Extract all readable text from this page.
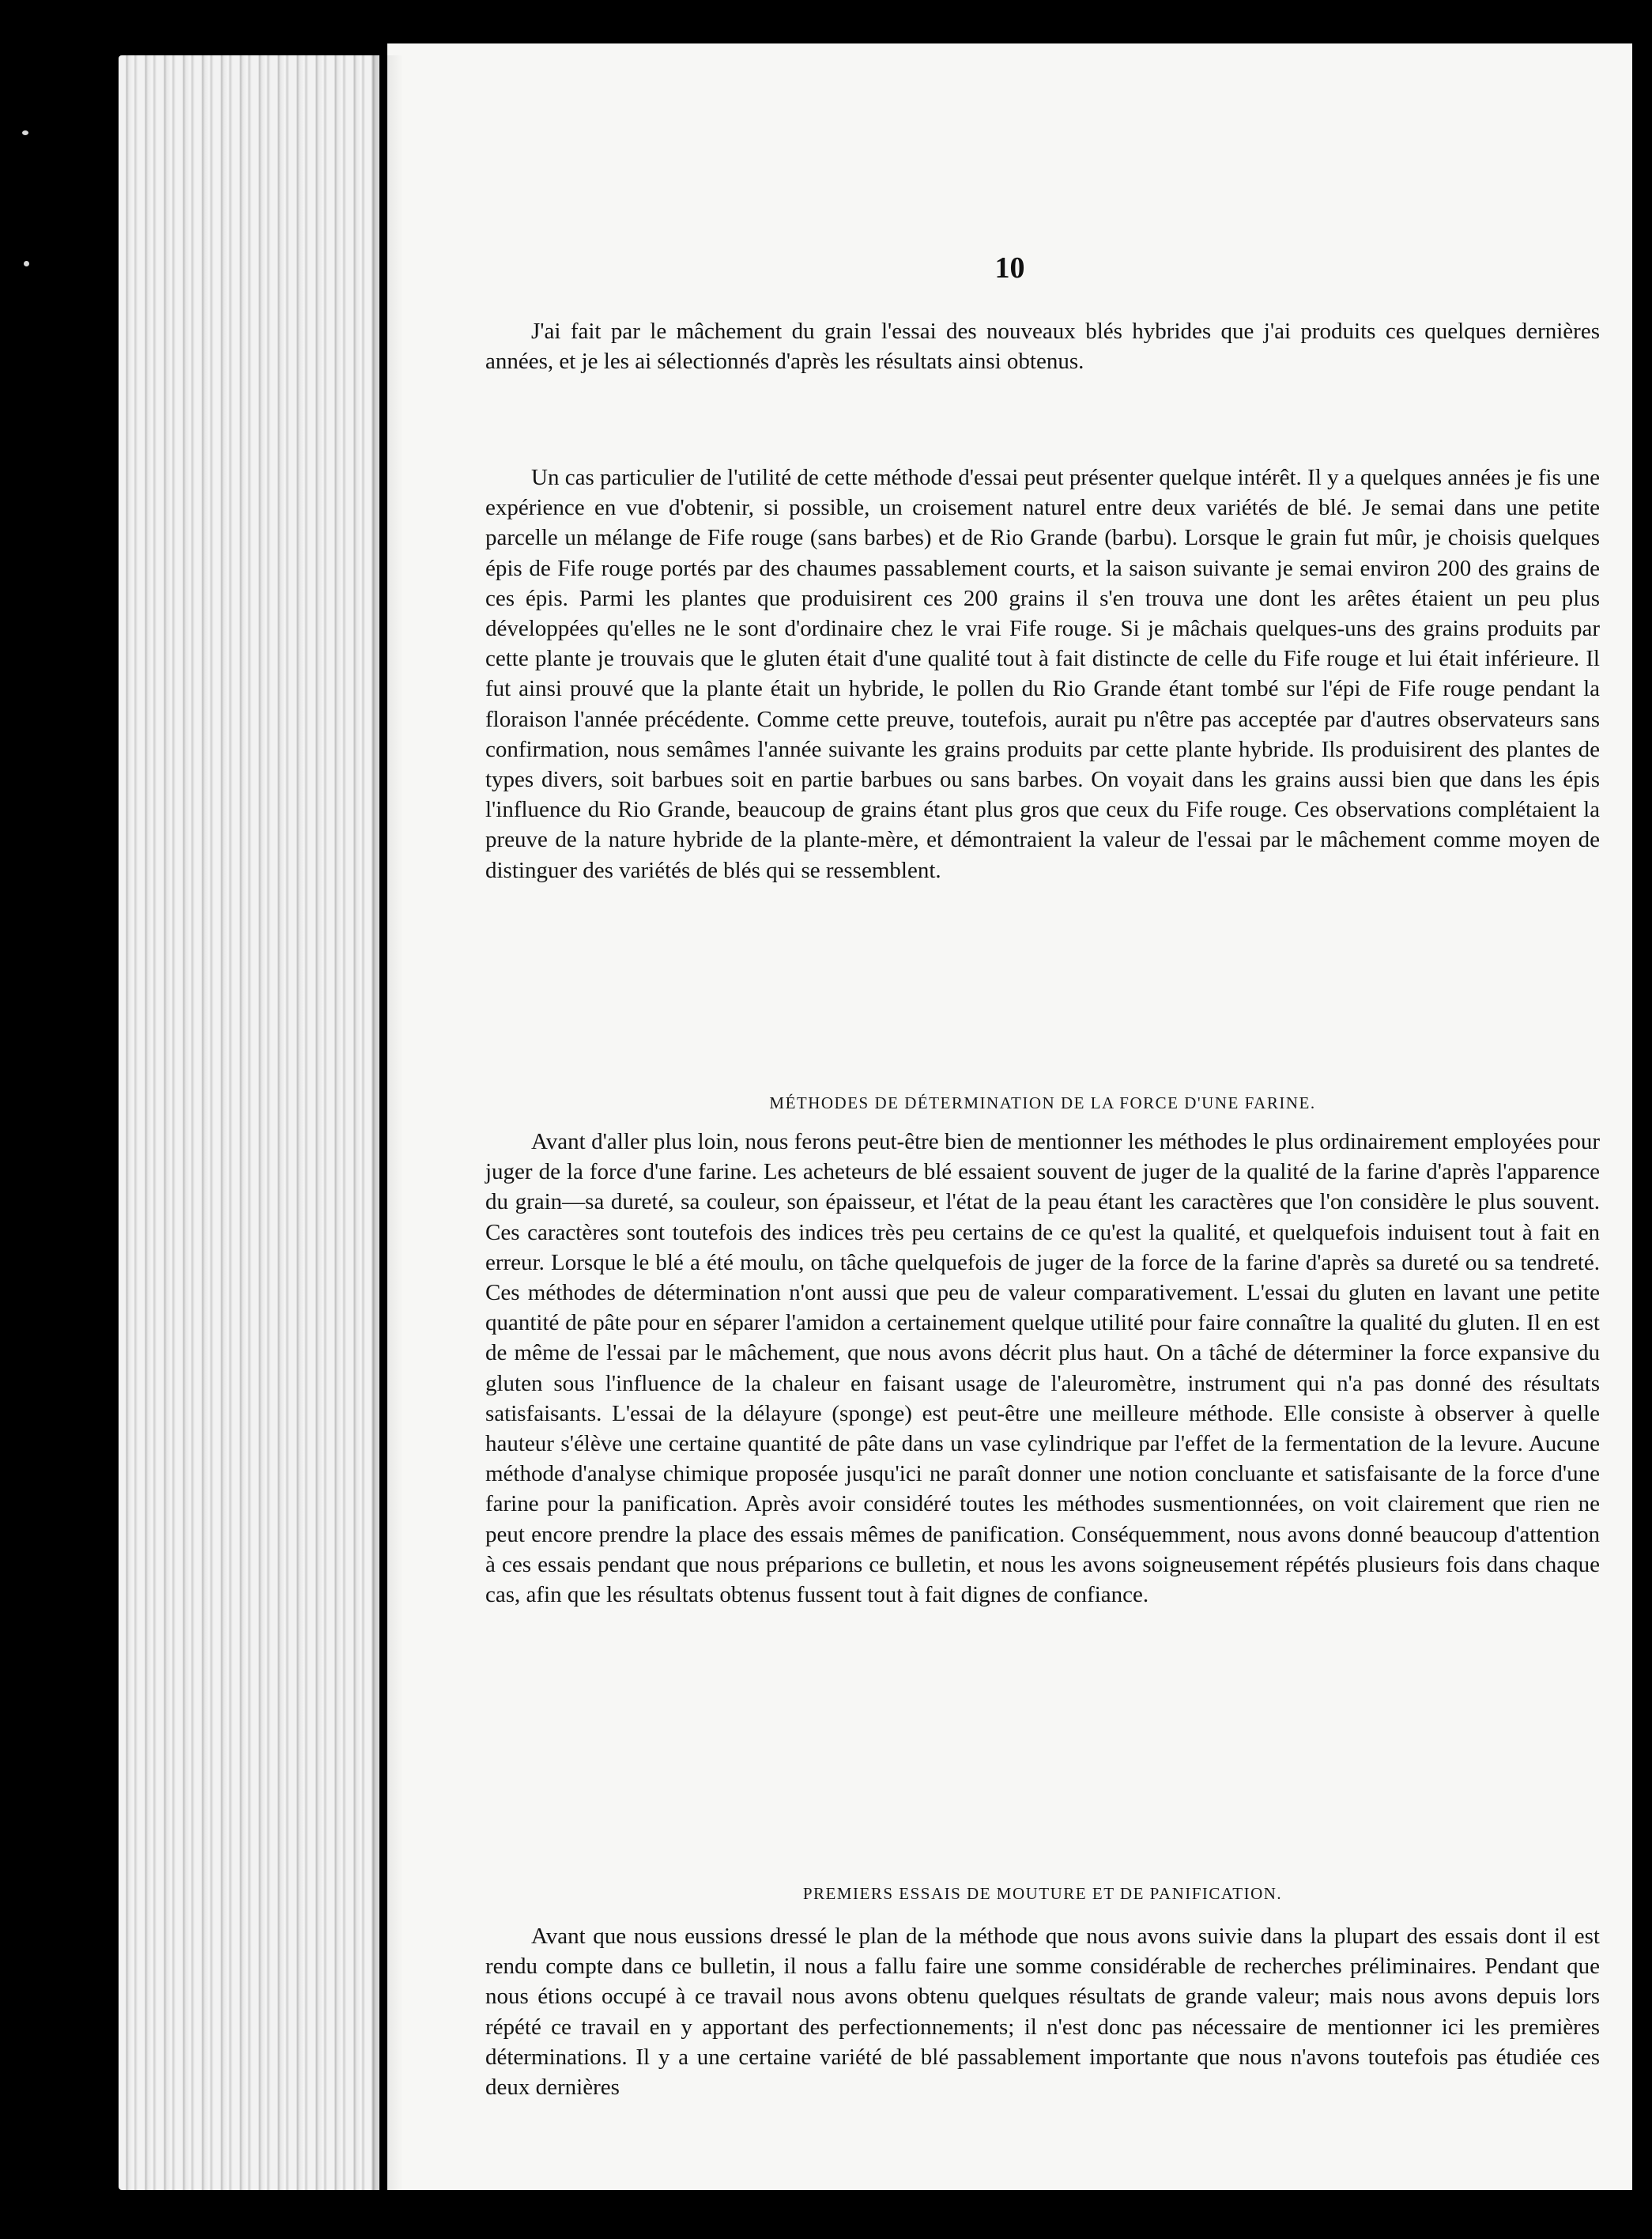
10

J'ai fait par le mâchement du grain l'essai des nouveaux blés hybrides que j'ai produits ces quelques dernières années, et je les ai sélectionnés d'après les résultats ainsi obtenus.

Un cas particulier de l'utilité de cette méthode d'essai peut présenter quelque intérêt. Il y a quelques années je fis une expérience en vue d'obtenir, si possible, un croisement naturel entre deux variétés de blé. Je semai dans une petite parcelle un mélange de Fife rouge (sans barbes) et de Rio Grande (barbu). Lorsque le grain fut mûr, je choisis quelques épis de Fife rouge portés par des chaumes passablement courts, et la saison suivante je semai environ 200 des grains de ces épis. Parmi les plantes que produisirent ces 200 grains il s'en trouva une dont les arêtes étaient un peu plus développées qu'elles ne le sont d'ordinaire chez le vrai Fife rouge. Si je mâchais quelques-uns des grains produits par cette plante je trouvais que le gluten était d'une qualité tout à fait distincte de celle du Fife rouge et lui était inférieure. Il fut ainsi prouvé que la plante était un hybride, le pollen du Rio Grande étant tombé sur l'épi de Fife rouge pendant la floraison l'année précédente. Comme cette preuve, toutefois, aurait pu n'être pas acceptée par d'autres observateurs sans confirmation, nous semâmes l'année suivante les grains produits par cette plante hybride. Ils produisirent des plantes de types divers, soit barbues soit en partie barbues ou sans barbes. On voyait dans les grains aussi bien que dans les épis l'influence du Rio Grande, beaucoup de grains étant plus gros que ceux du Fife rouge. Ces observations complétaient la preuve de la nature hybride de la plante-mère, et démontraient la valeur de l'essai par le mâchement comme moyen de distinguer des variétés de blés qui se ressemblent.

MÉTHODES DE DÉTERMINATION DE LA FORCE D'UNE FARINE.

Avant d'aller plus loin, nous ferons peut-être bien de mentionner les méthodes le plus ordinairement employées pour juger de la force d'une farine. Les acheteurs de blé essaient souvent de juger de la qualité de la farine d'après l'apparence du grain—sa dureté, sa couleur, son épaisseur, et l'état de la peau étant les caractères que l'on considère le plus souvent. Ces caractères sont toutefois des indices très peu certains de ce qu'est la qualité, et quelquefois induisent tout à fait en erreur. Lorsque le blé a été moulu, on tâche quelquefois de juger de la force de la farine d'après sa dureté ou sa tendreté. Ces méthodes de détermination n'ont aussi que peu de valeur comparativement. L'essai du gluten en lavant une petite quantité de pâte pour en séparer l'amidon a certainement quelque utilité pour faire connaître la qualité du gluten. Il en est de même de l'essai par le mâchement, que nous avons décrit plus haut. On a tâché de déterminer la force expansive du gluten sous l'influence de la chaleur en faisant usage de l'aleuromètre, instrument qui n'a pas donné des résultats satisfaisants. L'essai de la délayure (sponge) est peut-être une meilleure méthode. Elle consiste à observer à quelle hauteur s'élève une certaine quantité de pâte dans un vase cylindrique par l'effet de la fermentation de la levure. Aucune méthode d'analyse chimique proposée jusqu'ici ne paraît donner une notion concluante et satisfaisante de la force d'une farine pour la panification. Après avoir considéré toutes les méthodes susmentionnées, on voit clairement que rien ne peut encore prendre la place des essais mêmes de panification. Conséquemment, nous avons donné beaucoup d'attention à ces essais pendant que nous préparions ce bulletin, et nous les avons soigneusement répétés plusieurs fois dans chaque cas, afin que les résultats obtenus fussent tout à fait dignes de confiance.

PREMIERS ESSAIS DE MOUTURE ET DE PANIFICATION.

Avant que nous eussions dressé le plan de la méthode que nous avons suivie dans la plupart des essais dont il est rendu compte dans ce bulletin, il nous a fallu faire une somme considérable de recherches préliminaires. Pendant que nous étions occupé à ce travail nous avons obtenu quelques résultats de grande valeur; mais nous avons depuis lors répété ce travail en y apportant des perfectionnements; il n'est donc pas nécessaire de mentionner ici les premières déterminations. Il y a une certaine variété de blé passablement importante que nous n'avons toutefois pas étudiée ces deux dernières
